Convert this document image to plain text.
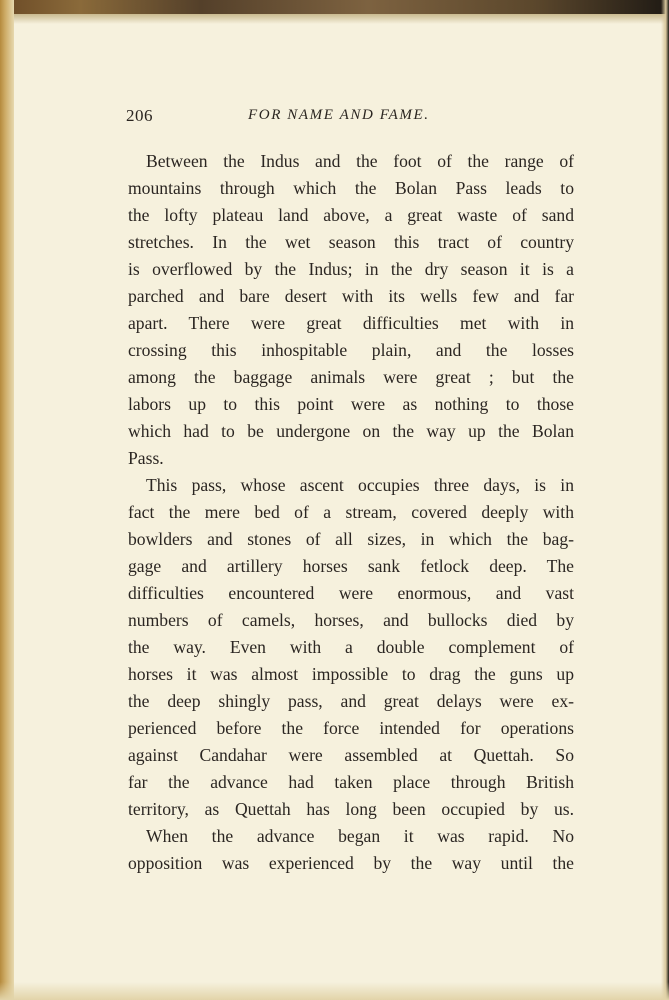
206	FOR NAME AND FAME.
Between the Indus and the foot of the range of
mountains through which the Bolan Pass leads to
the lofty plateau land above, a great waste of sand
stretches. In the wet season this tract of country
is overflowed by the Indus; in the dry season it is a
parched and bare desert with its wells few and far
apart. There were great difficulties met with in
crossing this inhospitable plain, and the losses
among the baggage animals were great ; but the
labors up to this point were as nothing to those
which had to be undergone on the way up the Bolan
Pass.
This pass, whose ascent occupies three days, is in
fact the mere bed of a stream, covered deeply with
bowlders and stones of all sizes, in which the bag-
gage and artillery horses sank fetlock deep. The
difficulties encountered were enormous, and vast
numbers of camels, horses, and bullocks died by
the way. Even with a double complement of
horses it was almost impossible to drag the guns up
the deep shingly pass, and great delays were ex-
perienced before the force intended for operations
against Candahar were assembled at Quettah. So
far the advance had taken place through British
territory, as Quettah has long been occupied by us.
When the advance began it was rapid. No
opposition was experienced by the way until the
